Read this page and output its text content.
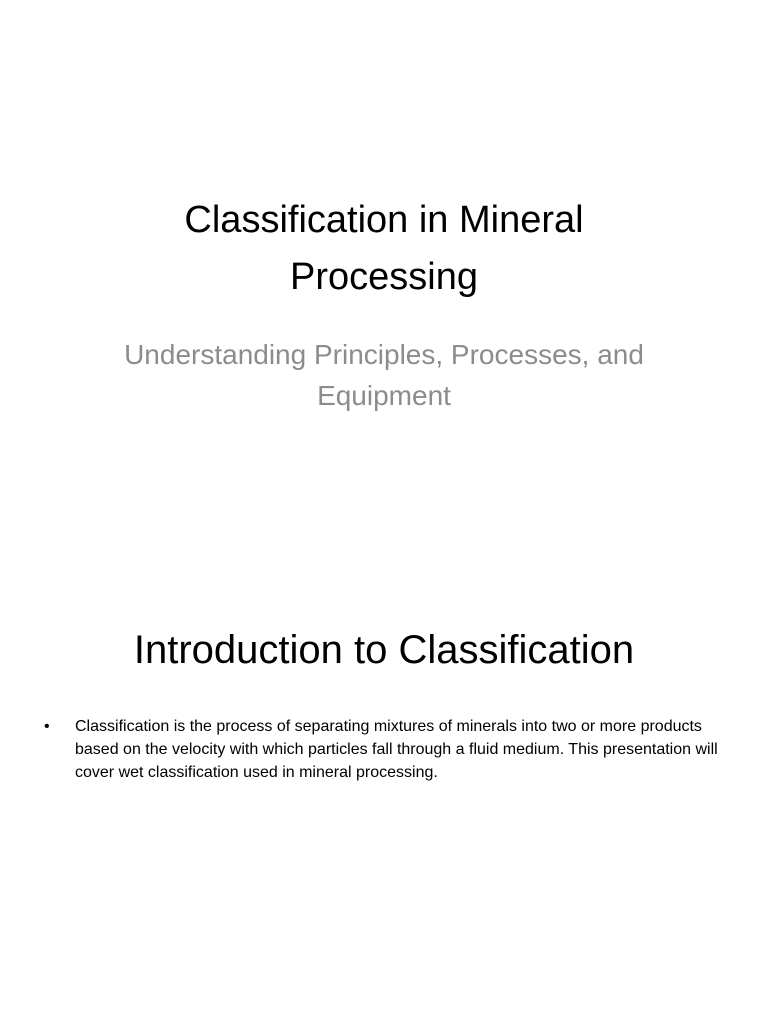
Classification in Mineral Processing

Understanding Principles, Processes, and Equipment

Introduction to Classification
• Classification is the process of separating mixtures of minerals into two or more products based on the velocity with which particles fall through a fluid medium. This presentation will cover wet classification used in mineral processing.
